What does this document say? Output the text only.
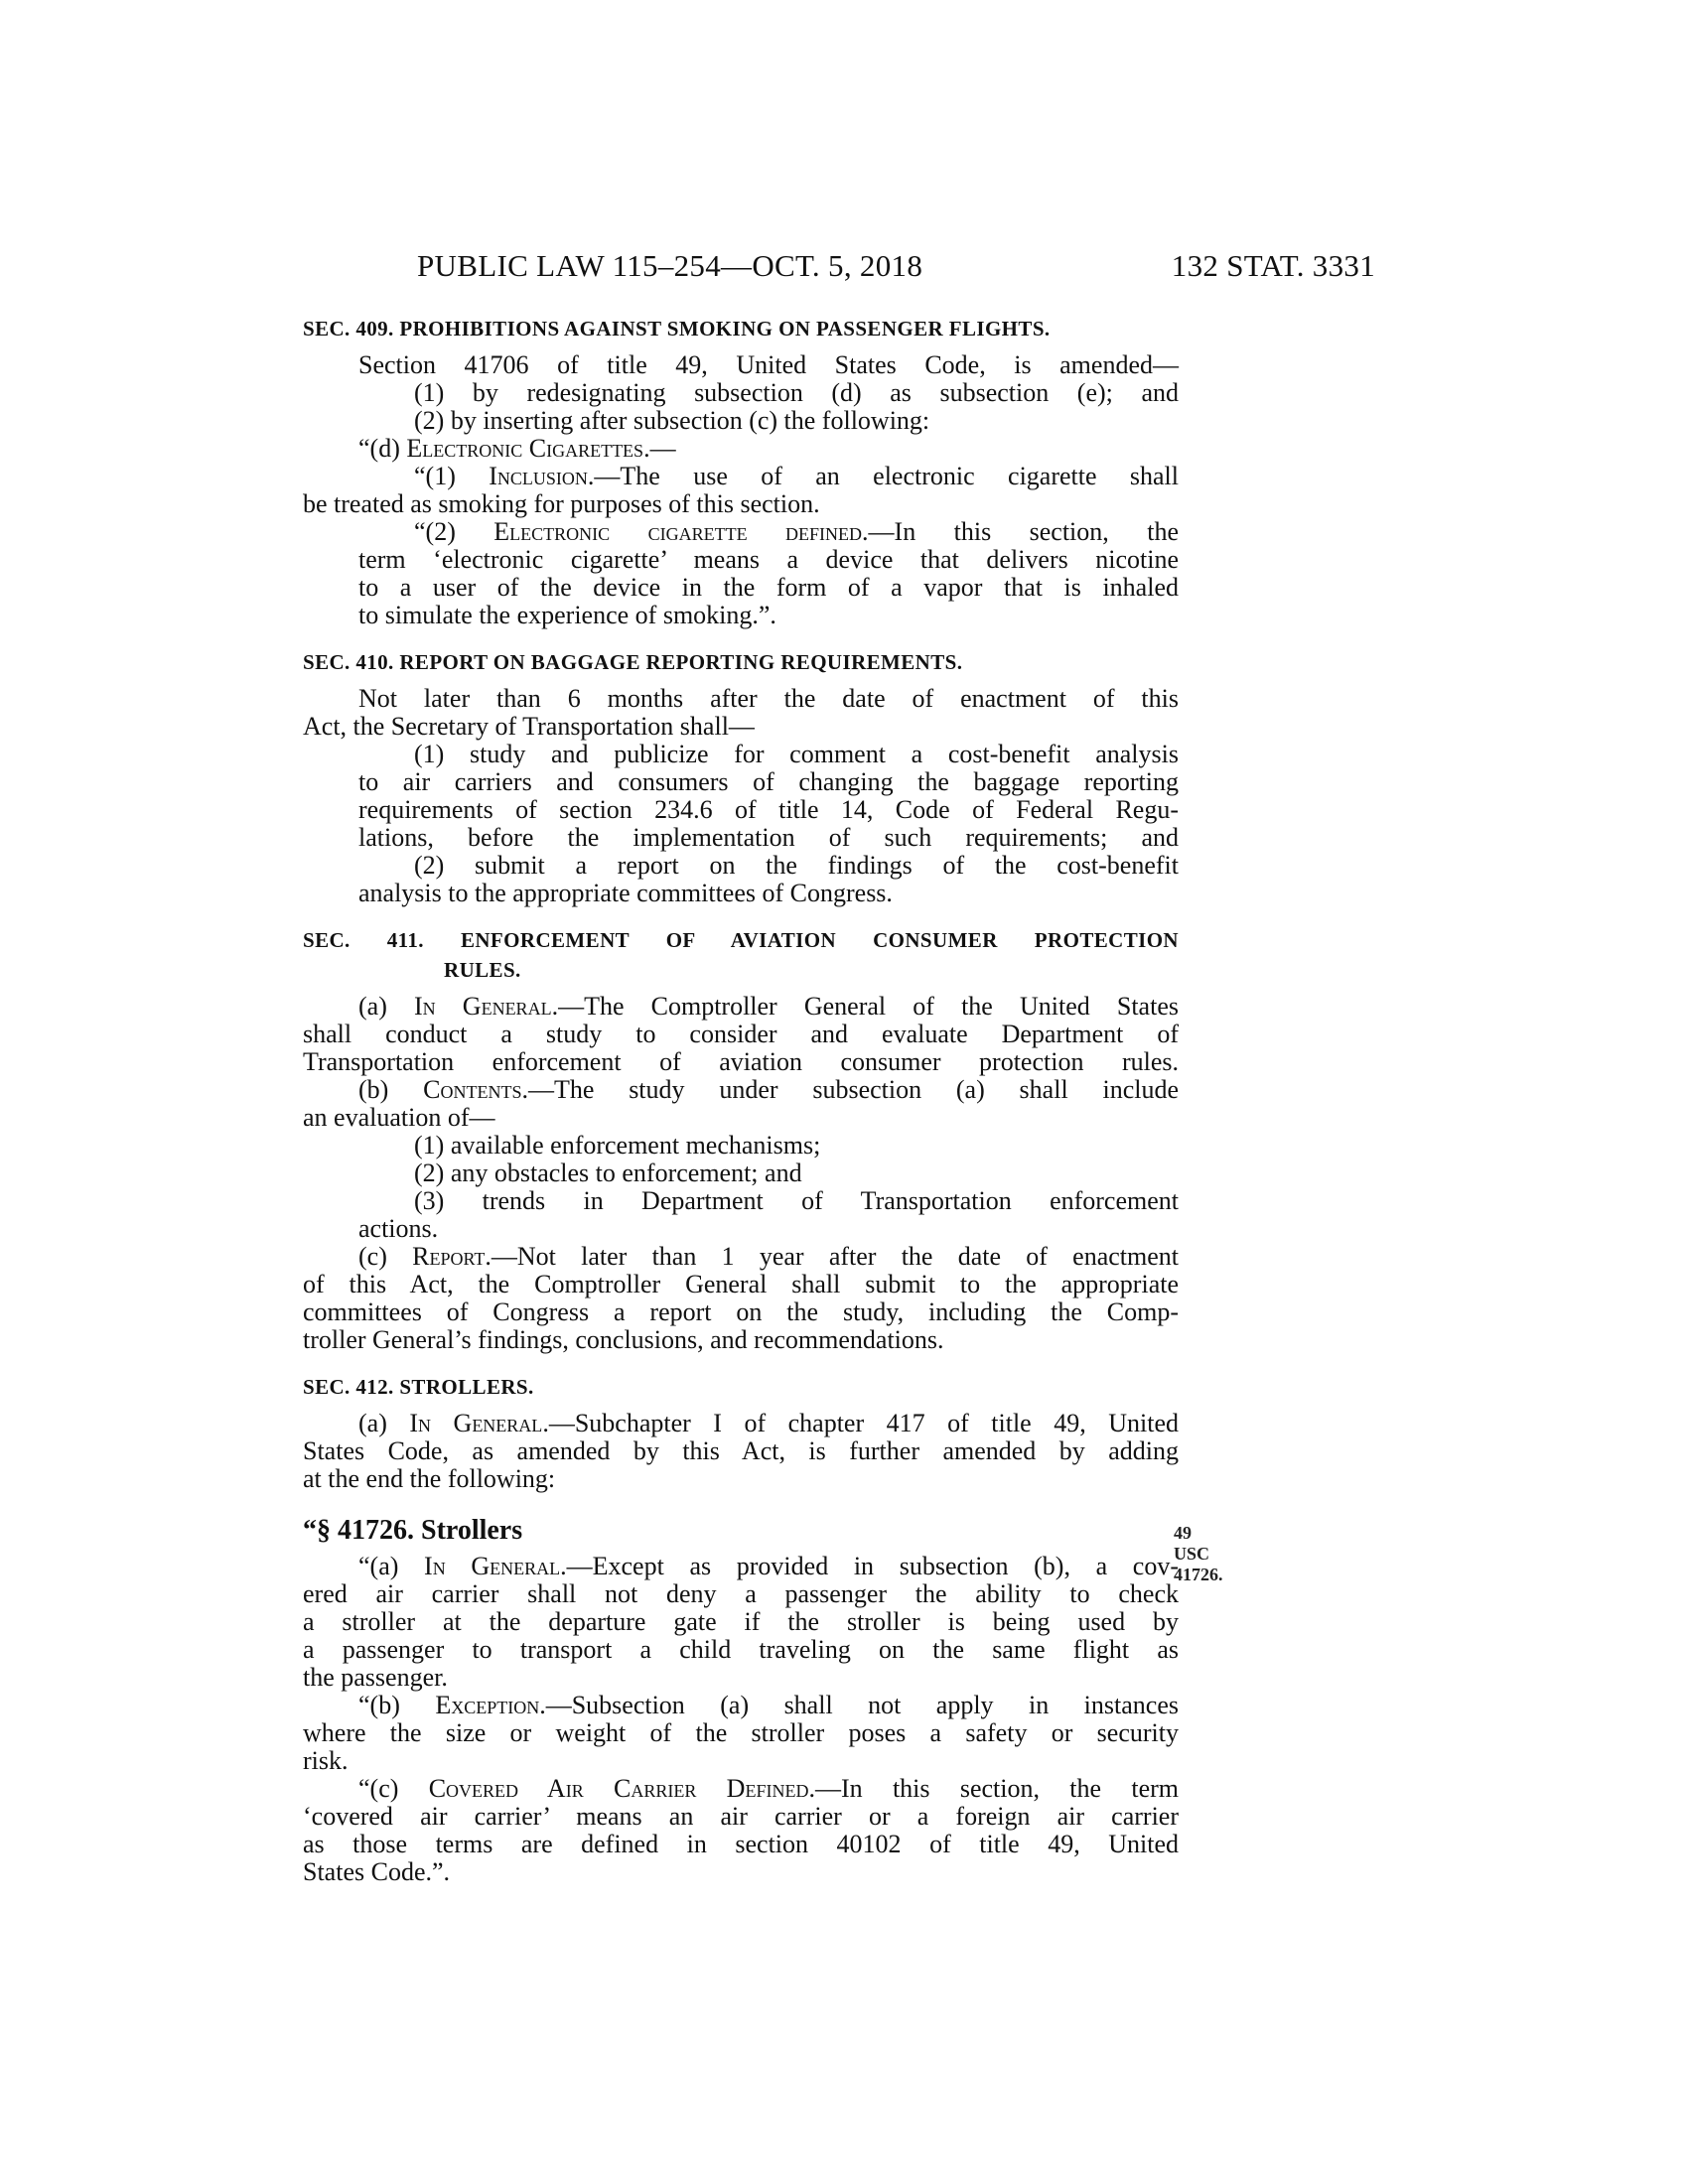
PUBLIC LAW 115–254—OCT. 5, 2018	132 STAT. 3331
SEC. 409. PROHIBITIONS AGAINST SMOKING ON PASSENGER FLIGHTS.

Section 41706 of title 49, United States Code, is amended—

(1) by redesignating subsection (d) as subsection (e); and

(2) by inserting after subsection (c) the following:

“(d) Electronic Cigarettes.—

“(1) Inclusion.—The use of an electronic cigarette shall

be treated as smoking for purposes of this section.

“(2) Electronic cigarette defined.—In this section, the

term ‘electronic cigarette’ means a device that delivers nicotine

to a user of the device in the form of a vapor that is inhaled

to simulate the experience of smoking.”.

SEC. 410. REPORT ON BAGGAGE REPORTING REQUIREMENTS.

Not later than 6 months after the date of enactment of this

Act, the Secretary of Transportation shall—

(1) study and publicize for comment a cost-benefit analysis

to air carriers and consumers of changing the baggage reporting

requirements of section 234.6 of title 14, Code of Federal Regu-

lations, before the implementation of such requirements; and

(2) submit a report on the findings of the cost-benefit

analysis to the appropriate committees of Congress.

SEC. 411. ENFORCEMENT OF AVIATION CONSUMER PROTECTION
RULES.

(a) In General.—The Comptroller General of the United States

shall conduct a study to consider and evaluate Department of

Transportation enforcement of aviation consumer protection rules.

(b) Contents.—The study under subsection (a) shall include

an evaluation of—

(1) available enforcement mechanisms;

(2) any obstacles to enforcement; and

(3) trends in Department of Transportation enforcement

actions.

(c) Report.—Not later than 1 year after the date of enactment

of this Act, the Comptroller General shall submit to the appropriate

committees of Congress a report on the study, including the Comp-

troller General’s findings, conclusions, and recommendations.

SEC. 412. STROLLERS.

(a) In General.—Subchapter I of chapter 417 of title 49, United

States Code, as amended by this Act, is further amended by adding

at the end the following:

“§ 41726. Strollers	49 USC 41726.

“(a) In General.—Except as provided in subsection (b), a cov-

ered air carrier shall not deny a passenger the ability to check

a stroller at the departure gate if the stroller is being used by

a passenger to transport a child traveling on the same flight as

the passenger.

“(b) Exception.—Subsection (a) shall not apply in instances

where the size or weight of the stroller poses a safety or security

risk.

“(c) Covered Air Carrier Defined.—In this section, the term

‘covered air carrier’ means an air carrier or a foreign air carrier

as those terms are defined in section 40102 of title 49, United

States Code.”.
